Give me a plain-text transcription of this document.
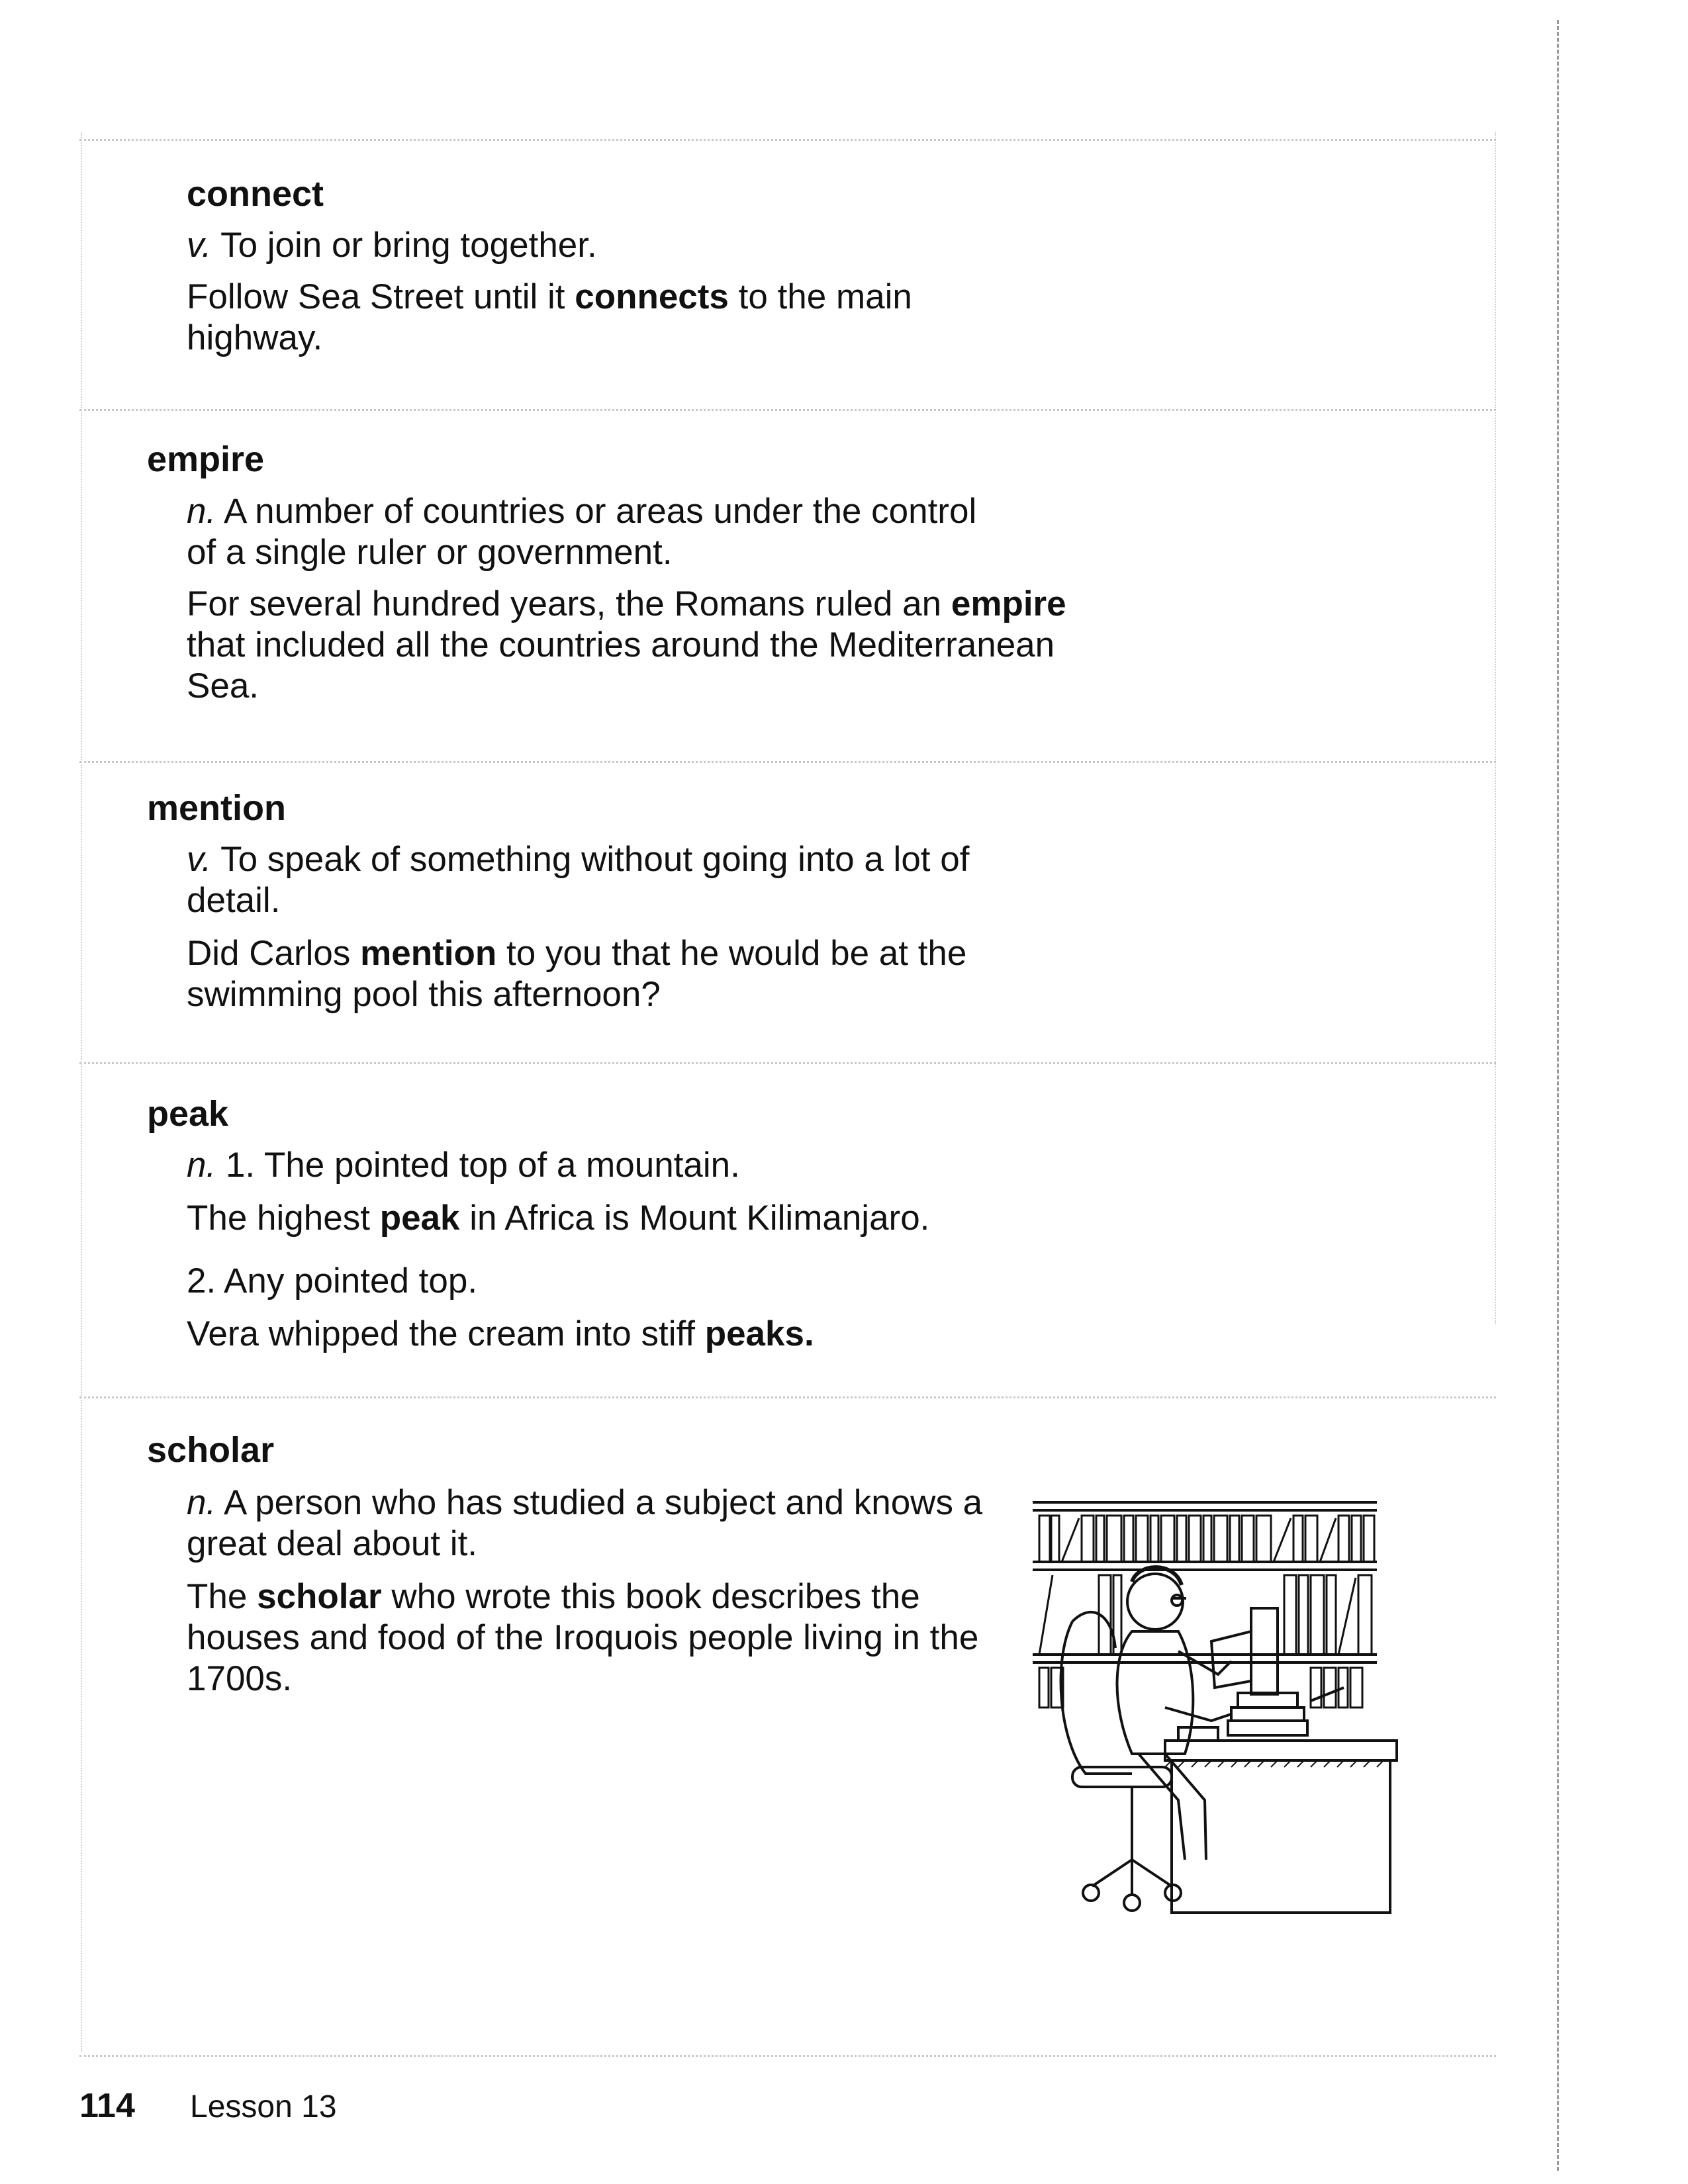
connect
v. To join or bring together.
Follow Sea Street until it connects to the main highway.
empire
n. A number of countries or areas under the control of a single ruler or government.
For several hundred years, the Romans ruled an empire that included all the countries around the Mediterranean Sea.
mention
v. To speak of something without going into a lot of detail.
Did Carlos mention to you that he would be at the swimming pool this afternoon?
peak
n. 1. The pointed top of a mountain.
The highest peak in Africa is Mount Kilimanjaro.
2. Any pointed top.
Vera whipped the cream into stiff peaks.
scholar
n. A person who has studied a subject and knows a great deal about it.
The scholar who wrote this book describes the houses and food of the Iroquois people living in the 1700s.
114 Lesson 13
